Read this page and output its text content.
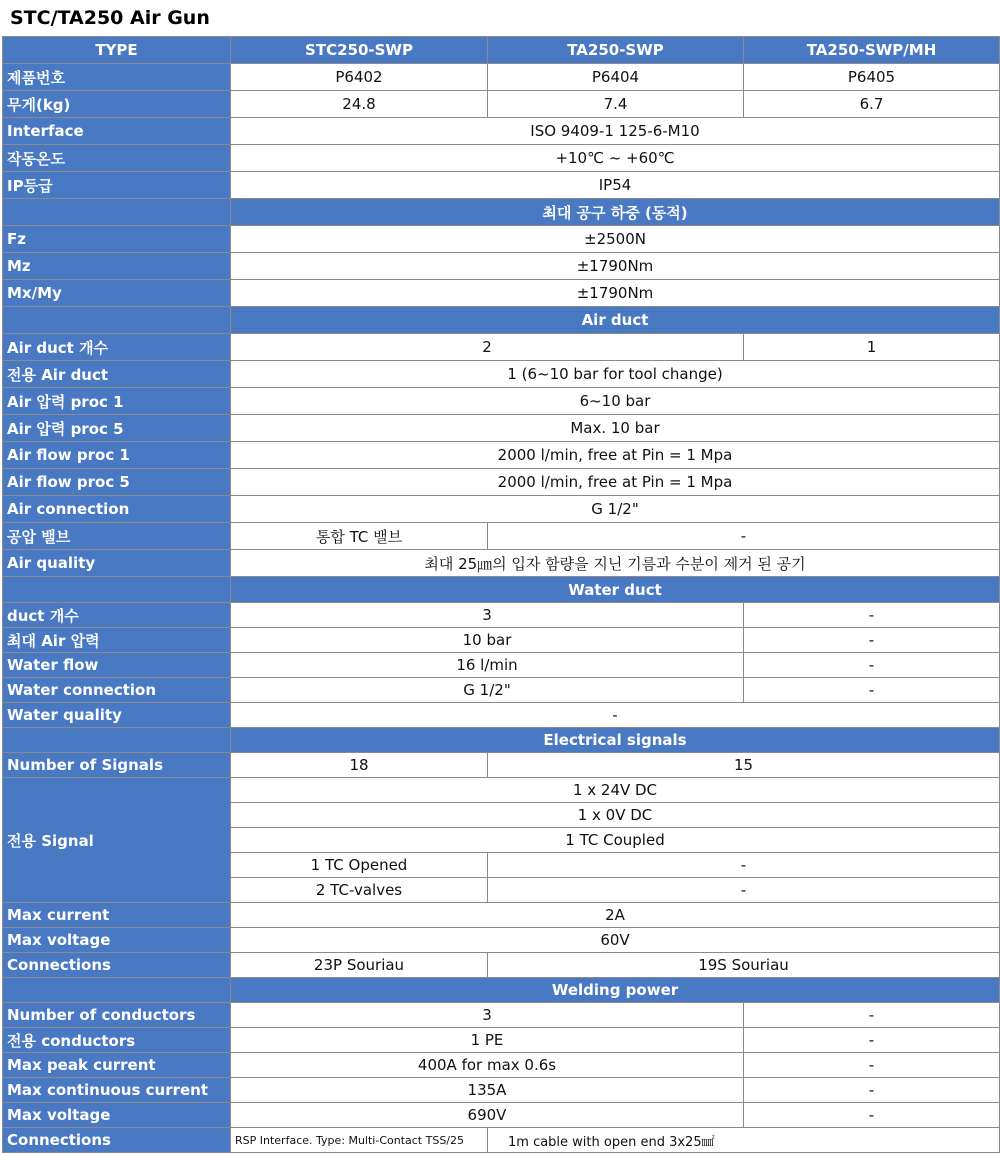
STC/TA250 Air Gun
TYPE	STC250-SWP	TA250-SWP	TA250-SWP/MH
제품번호	P6402	P6404	P6405
무게(kg)	24.8	7.4	6.7
Interface	ISO 9409-1 125-6-M10		
작동온도	+10℃ ~ +60℃		
IP등급	IP54		
	최대 공구 하중 (동적)		
Fz	±2500N		
Mz	±1790Nm		
Mx/My	±1790Nm		
	Air duct		
Air duct 개수	2		1
전용 Air duct	1 (6~10 bar for tool change)		
Air 압력 proc 1	6~10 bar		
Air 압력 proc 5	Max. 10 bar		
Air flow proc 1	2000 l/min, free at Pin = 1 Mpa		
Air flow proc 5	2000 l/min, free at Pin = 1 Mpa		
Air connection	G 1/2"		
공압 밸브	통합 TC 밸브	-	
Air quality	최대 25㎛의 입자 함량을 지닌 기름과 수분이 제거 된 공기		
	Water duct		
duct 개수	3		-
최대 Air 압력	10 bar		-
Water flow	16 l/min		-
Water connection	G 1/2"		-
Water quality	-		
	Electrical signals		
Number of Signals	18	15	
전용 Signal	1 x 24V DC		
	1 x 0V DC		
	1 TC Coupled		
	1 TC Opened	-	
	2 TC-valves	-	
Max current	2A		
Max voltage	60V		
Connections	23P Souriau	19S Souriau	
	Welding power		
Number of conductors	3		-
전용 conductors	1 PE		-
Max peak current	400A for max 0.6s		-
Max continuous current	135A		-
Max voltage	690V		-
Connections	RSP Interface. Type: Multi-Contact TSS/25	1m cable with open end 3x25㎟	
